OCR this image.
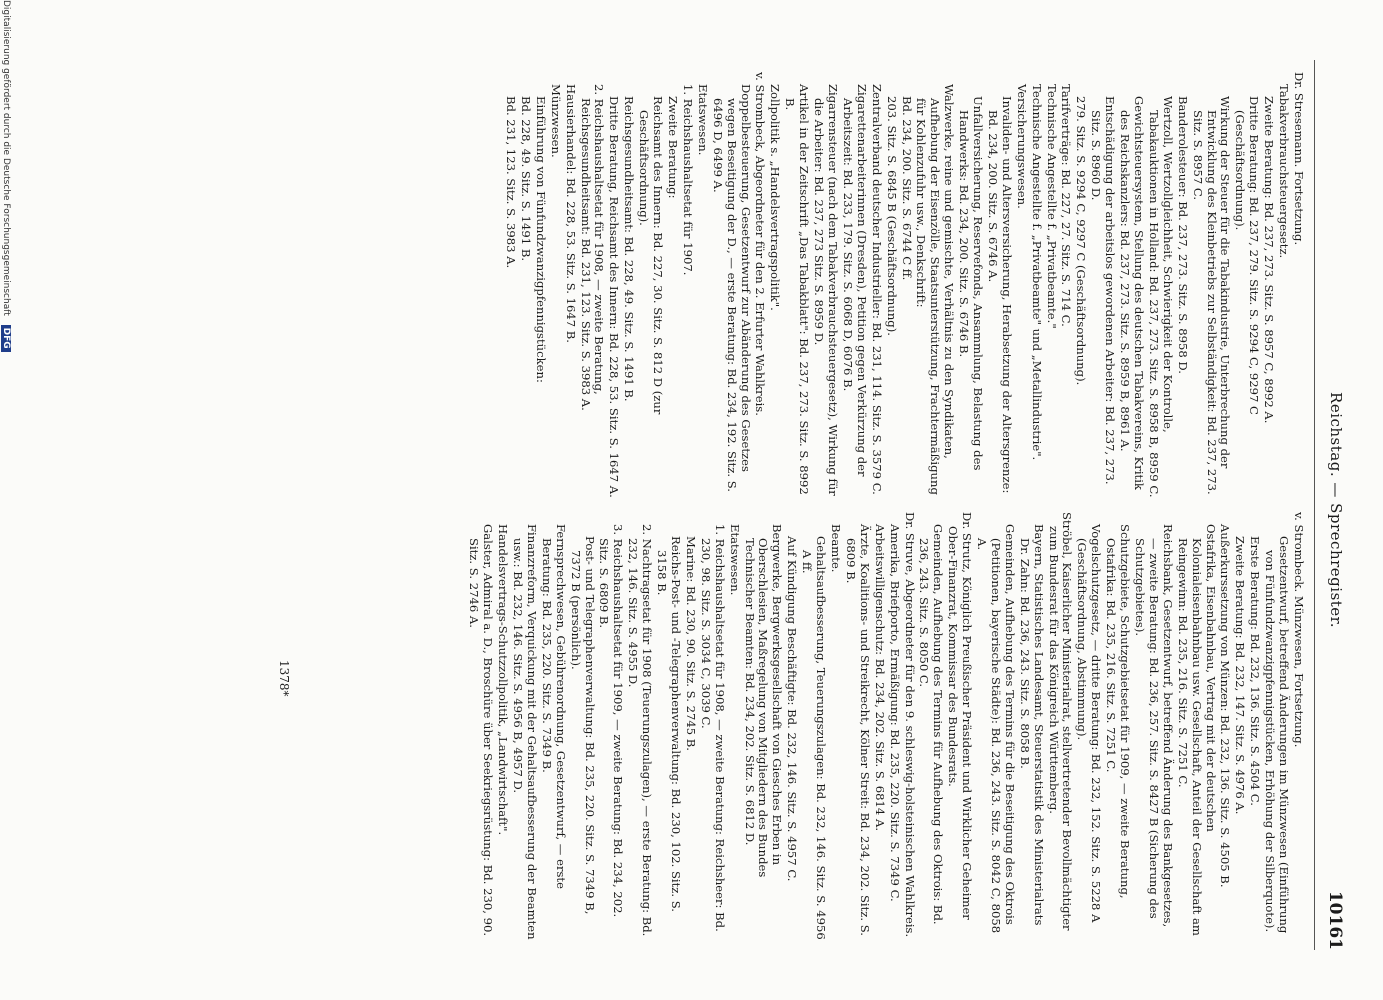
Reichstag. — Sprechregister.
10161

Dr. Stresemann. Fortsetzung.

Tabakverbrauchsteuergesetz.

Zweite Beratung: Bd. 237, 273. Sitz. S. 8957 C, 8992 A.

Dritte Beratung: Bd. 237, 279. Sitz. S. 9294 C, 9297 C (Geschäftsordnung).

Wirkung der Steuer für die Tabakindustrie, Unterbrechung der Entwicklung des Kleinbetriebs zur Selbständigkeit: Bd. 237, 273. Sitz. S. 8957 C.

Banderolesteuer: Bd. 237, 273. Sitz. S. 8958 D.

Wertzoll, Wertzollgleichheit, Schwierigkeit der Kontrolle, Tabakauktionen in Holland: Bd. 237, 273. Sitz. S. 8958 B, 8959 C.

Gewichtsteuersystem, Stellung des deutschen Tabakvereins, Kritik des Reichskanzlers: Bd. 237, 273. Sitz. S. 8959 B, 8961 A.

Entschädigung der arbeitslos gewordenen Arbeiter: Bd. 237, 273. Sitz. S. 8960 D.

279. Sitz. S. 9294 C, 9297 C (Geschäftsordnung).

Tarifverträge: Bd. 227, 27. Sitz. S. 714 C.

Technische Angestellte f. „Privatbeamte."

Technische Angestellte f. „Privatbeamte" und „Metallindustrie".

Versicherungswesen.

Invaliden- und Altersversicherung, Herabsetzung der Altersgrenze: Bd. 234, 200. Sitz. S. 6746 A.

Unfallversicherung, Reservefonds, Ansammlung, Belastung des Handwerks: Bd. 234, 200. Sitz. S. 6746 B.

Walzwerke, reine und gemischte, Verhältnis zu den Syndikaten, Aufhebung der Eisenzölle, Staatsunterstützung, Frachtermäßigung für Kohlenzufuhr usw., Denkschrift:

Bd. 234, 200. Sitz. S. 6744 C ff.

203. Sitz. S. 6845 B (Geschäftsordnung).

Zentralverband deutscher Industrieller: Bd. 231, 114. Sitz. S. 3579 C.

Zigarettenarbeiterinnen (Dresden), Petition gegen Verkürzung der Arbeitszeit: Bd. 233, 179. Sitz. S. 6068 D, 6076 B.

Zigarrensteuer (nach dem Tabakverbrauchsteuergesetz), Wirkung für die Arbeiter: Bd. 237, 273 Sitz. S. 8959 D.

Artikel in der Zeitschrift „Das Tabakblatt": Bd. 237, 273. Sitz. S. 8992 B.

Zollpolitik s. „Handelsvertragspolitik".

v. Strombeck, Abgeordneter für den 2. Erfurter Wahlkreis.

Doppelbesteuerung, Gesetzentwurf zur Abänderung des Gesetzes wegen Beseitigung der D., — erste Beratung: Bd. 234, 192. Sitz. S. 6496 D, 6499 A.

Etatswesen.

1. Reichshaushaltsetat für 1907.

Zweite Beratung:

Reichsamt des Innern: Bd. 227, 30. Sitz. S. 812 D (zur Geschäftsordnung).

Reichsgesundheitsamt: Bd. 228, 49. Sitz. S. 1491 B.

Dritte Beratung, Reichsamt des Innern: Bd. 228, 53. Sitz. S. 1647 A.

2. Reichshaushaltsetat für 1908, — zweite Beratung, Reichsgesundheitsamt: Bd. 231, 123. Sitz. S. 3983 A.

Hausierhandel: Bd. 228, 53. Sitz. S. 1647 B.

Münzwesen.

Einführung von Fünfundzwanzigpfennigstücken:

Bd. 228, 49. Sitz. S. 1491 B.

Bd. 231, 123. Sitz. S. 3983 A.

v. Strombeck. Münzwesen, Fortsetzung.

Gesetzentwurf, betreffend Änderungen im Münzwesen (Einführung von Fünfundzwanzigpfennigstücken, Erhöhung der Silberquote).

Erste Beratung: Bd. 232, 136. Sitz. S. 4504 C.

Zweite Beratung: Bd. 232, 147. Sitz. S. 4976 A.

Außerkurssetzung von Münzen: Bd. 232, 136. Sitz. S. 4505 B.

Ostafrika, Eisenbahnbau, Vertrag mit der deutschen Kolonialeisenbahnbau usw. Gesellschaft, Anteil der Gesellschaft am Reingewinn: Bd. 235, 216. Sitz. S. 7251 C.

Reichsbank, Gesetzentwurf, betreffend Änderung des Bankgesetzes, — zweite Beratung: Bd. 236, 257. Sitz. S. 8427 B (Sicherung des Schutzgebietes).

Schutzgebiete, Schutzgebietsetat für 1909, — zweite Beratung, Ostafrika: Bd. 235, 216. Sitz. S. 7251 C.

Vogelschutzgesetz, — dritte Beratung: Bd. 232, 152. Sitz. S. 5228 A (Geschäftsordnung, Abstimmung).

Ströbel, Kaiserlicher Ministerialrat, stellvertretender Bevollmächtigter zum Bundesrat für das Königreich Württemberg.

Bayern, Statistisches Landesamt, Steuerstatistik des Ministerialrats Dr. Zahn: Bd. 236, 243. Sitz. S. 8058 B.

Gemeinden, Aufhebung des Termins für die Beseitigung des Oktrois (Petitionen, bayerische Städte): Bd. 236, 243. Sitz. S. 8042 C, 8058 A.

Dr. Strutz, Königlich Preußischer Präsident und Wirklicher Geheimer Ober-Finanzrat, Kommissar des Bundesrats.

Gemeinden, Aufhebung des Termins für Aufhebung des Oktrois: Bd. 236, 243. Sitz. S. 8050 C.

Dr. Struve, Abgeordneter für den 9. schleswig-holsteinischen Wahlkreis.

Amerika, Briefporto, Ermäßigung: Bd. 235, 220. Sitz. S. 7349 C.

Arbeitswilligenschutz: Bd. 234, 202. Sitz. S. 6814 A.

Ärzte, Koalitions- und Streikrecht, Kölner Streit: Bd. 234, 202. Sitz. S. 6809 B.

Beamte.

Gehaltsaufbesserung, Teuerungszulagen: Bd. 232, 146. Sitz. S. 4956 A ff.

Auf Kündigung Beschäftigte: Bd. 232, 146. Sitz. S. 4957 C.

Bergwerke, Bergwerksgesellschaft von Giesches Erben in Oberschlesien, Maßregelung von Mitgliedern des Bundes Technischer Beamten: Bd. 234, 202. Sitz. S. 6812 D.

Etatswesen.

1. Reichshaushaltsetat für 1908, — zweite Beratung: Reichsheer: Bd. 230, 98. Sitz. S. 3034 C, 3039 C.

Marine: Bd. 230, 90. Sitz. S. 2745 B.

Reichs-Post- und -Telegraphenverwaltung: Bd. 230, 102. Sitz. S. 3158 B.

2. Nachtragsetat für 1908 (Teuerungszulagen), — erste Beratung: Bd. 232, 146. Sitz. S. 4955 D.

3. Reichshaushaltsetat für 1909, — zweite Beratung: Bd. 234, 202. Sitz. S. 6809 B.

Post- und Telegraphenverwaltung: Bd. 235, 220. Sitz. S. 7349 B, 7372 B (persönlich).

Fernsprechwesen, Gebührenordnung, Gesetzentwurf, — erste Beratung: Bd. 235, 220. Sitz. S. 7349 B.

Finanzreform, Verquickung mit der Gehaltsaufbesserung der Beamten usw.: Bd. 232, 146. Sitz. S. 4956 B, 4957 D.

Handelsvertrags-Schutzzollpolitik, „Landwirtschaft".

Galster, Admiral a. D., Broschüre über Seekriegsrüstung: Bd. 230, 90. Sitz. S. 2746 A.

1378*
Digitalisierung gefördert durch die Deutsche Forschungsgemeinschaft DFG
